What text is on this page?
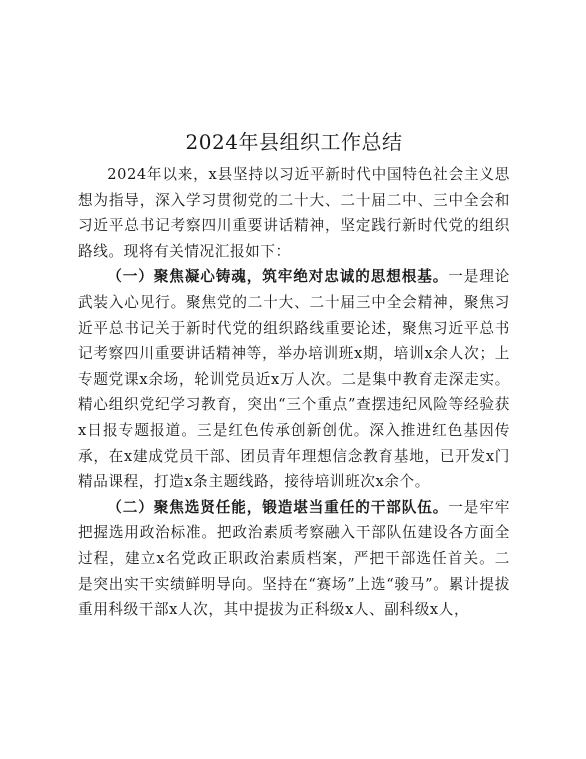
2024年县组织工作总结

2024年以来，x县坚持以习近平新时代中国特色社会主义思想为指导，深入学习贯彻党的二十大、二十届二中、三中全会和习近平总书记考察四川重要讲话精神，坚定践行新时代党的组织路线。现将有关情况汇报如下：

（一）聚焦凝心铸魂，筑牢绝对忠诚的思想根基。一是理论武装入心见行。聚焦党的二十大、二十届三中全会精神，聚焦习近平总书记关于新时代党的组织路线重要论述，聚焦习近平总书记考察四川重要讲话精神等，举办培训班x期，培训x余人次；上专题党课x余场，轮训党员近x万人次。二是集中教育走深走实。精心组织党纪学习教育，突出“三个重点”查摆违纪风险等经验获x日报专题报道。三是红色传承创新创优。深入推进红色基因传承，在x建成党员干部、团员青年理想信念教育基地，已开发x门精品课程，打造x条主题线路，接待培训班次x余个。

（二）聚焦选贤任能，锻造堪当重任的干部队伍。一是牢牢把握选用政治标准。把政治素质考察融入干部队伍建设各方面全过程，建立x名党政正职政治素质档案，严把干部选任首关。二是突出实干实绩鲜明导向。坚持在“赛场”上选“骏马”。累计提拔重用科级干部x人次，其中提拔为正科级x人、副科级x人，
